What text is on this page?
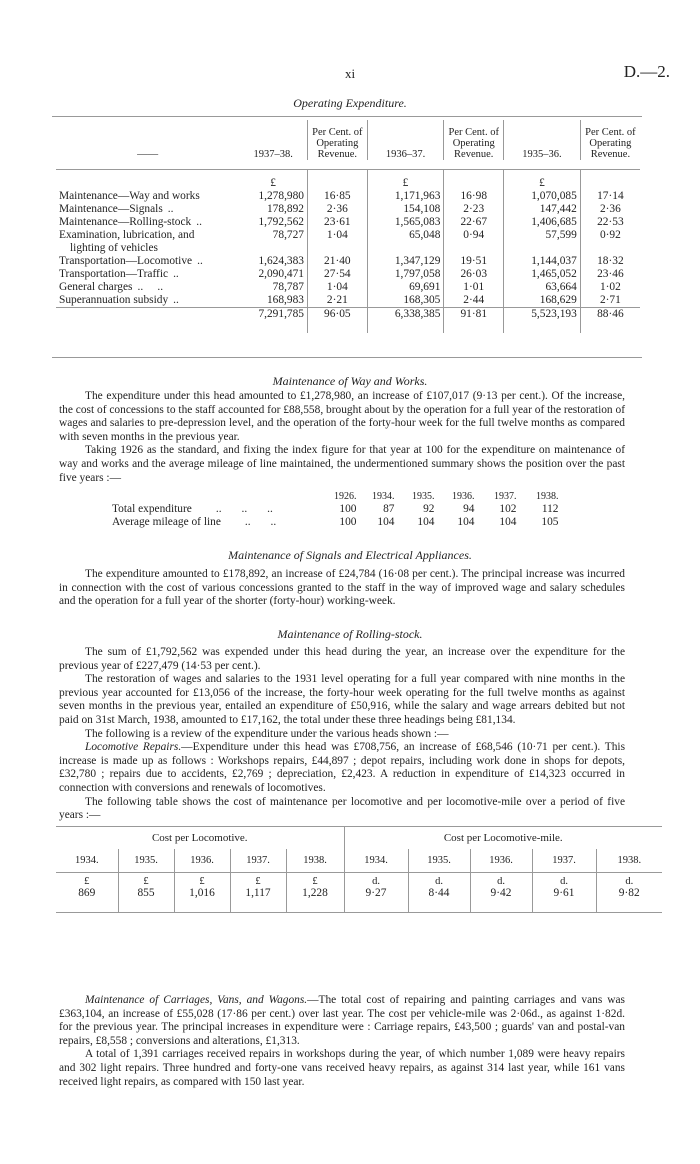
xi	D.—2.
Operating Expenditure.
——	1937–38.	Per Cent. of Operating Revenue.	1936–37.	Per Cent. of Operating Revenue.	1935–36.	Per Cent. of Operating Revenue.

	£		£		£	
Maintenance—Way and works	1,278,980	16·85	1,171,963	16·98	1,070,085	17·14
Maintenance—Signals ..	178,892	2·36	154,108	2·23	147,442	2·36
Maintenance—Rolling-stock ..	1,792,562	23·61	1,565,083	22·67	1,406,685	22·53
Examination, lubrication, and	78,727	1·04	65,048	0·94	57,599	0·92
lighting of vehicles						
Transportation—Locomotive ..	1,624,383	21·40	1,347,129	19·51	1,144,037	18·32
Transportation—Traffic ..	2,090,471	27·54	1,797,058	26·03	1,465,052	23·46
General charges ..     ..	78,787	1·04	69,691	1·01	63,664	1·02
Superannuation subsidy ..	168,983	2·21	168,305	2·44	168,629	2·71
	7,291,785	96·05	6,338,385	91·81	5,523,193	88·46
Maintenance of Way and Works.

The expenditure under this head amounted to £1,278,980, an increase of £107,017 (9·13 per cent.). Of the increase, the cost of concessions to the staff accounted for £88,558, brought about by the operation for a full year of the restoration of wages and salaries to pre-depression level, and the operation of the forty-hour week for the full twelve months as compared with seven months in the previous year.

Taking 1926 as the standard, and fixing the index figure for that year at 100 for the expenditure on maintenance of way and works and the average mileage of line maintained, the undermentioned summary shows the position over the past five years :—

	1926.	1934.	1935.	1936.	1937.	1938.
Total expenditure ..       ..       ..	100	87	92	94	102	112
Average mileage of line ..       ..	100	104	104	104	104	105
Maintenance of Signals and Electrical Appliances.

The expenditure amounted to £178,892, an increase of £24,784 (16·08 per cent.). The principal increase was incurred in connection with the cost of various concessions granted to the staff in the way of improved wage and salary schedules and the operation for a full year of the shorter (forty-hour) working-week.

Maintenance of Rolling-stock.

The sum of £1,792,562 was expended under this head during the year, an increase over the expenditure for the previous year of £227,479 (14·53 per cent.).

The restoration of wages and salaries to the 1931 level operating for a full year compared with nine months in the previous year accounted for £13,056 of the increase, the forty-hour week operating for the full twelve months as against seven months in the previous year, entailed an expenditure of £50,916, while the salary and wage arrears debited but not paid on 31st March, 1938, amounted to £17,162, the total under these three headings being £81,134.

The following is a review of the expenditure under the various heads shown :—

Locomotive Repairs.—Expenditure under this head was £708,756, an increase of £68,546 (10·71 per cent.). This increase is made up as follows : Workshops repairs, £44,897 ; depot repairs, including work done in shops for depots, £32,780 ; repairs due to accidents, £2,769 ; depreciation, £2,423. A reduction in expenditure of £14,323 occurred in connection with conversions and renewals of locomotives.

The following table shows the cost of maintenance per locomotive and per locomotive-mile over a period of five years :—

Cost per Locomotive.					Cost per Locomotive-mile.				
1934.	1935.	1936.	1937.	1938.	1934.	1935.	1936.	1937.	1938.
£	£	£	£	£	d.	d.	d.	d.	d.
869	855	1,016	1,117	1,228	9·27	8·44	9·42	9·61	9·82

Maintenance of Carriages, Vans, and Wagons.—The total cost of repairing and painting carriages and vans was £363,104, an increase of £55,028 (17·86 per cent.) over last year. The cost per vehicle-mile was 2·06d., as against 1·82d. for the previous year. The principal increases in expenditure were : Carriage repairs, £43,500 ; guards' van and postal-van repairs, £8,558 ; conversions and alterations, £1,313.

A total of 1,391 carriages received repairs in workshops during the year, of which number 1,089 were heavy repairs and 302 light repairs. Three hundred and forty-one vans received heavy repairs, as against 314 last year, while 161 vans received light repairs, as compared with 150 last year.
